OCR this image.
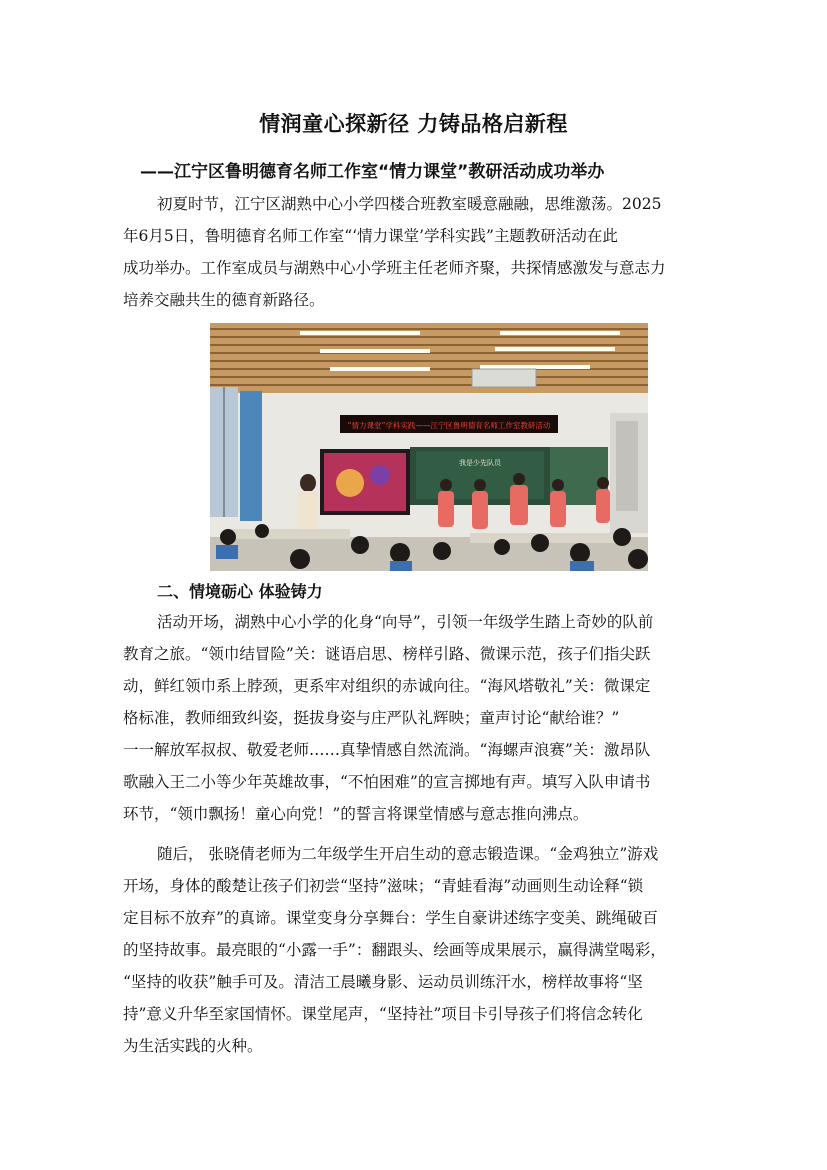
情润童心探新径 力铸品格启新程
——江宁区鲁明德育名师工作室“情力课堂”教研活动成功举办
初夏时节，江宁区湖熟中心小学四楼合班教室暖意融融，思维激荡。2025
年6月5日，鲁明德育名师工作室“‘情力课堂’学科实践”主题教研活动在此
成功举办。工作室成员与湖熟中心小学班主任老师齐聚，共探情感激发与意志力
培养交融共生的德育新路径。
“情力课堂”学科实践——江宁区鲁明德育名师工作室教研活动
我是少先队员
二、情境砺心 体验铸力
活动开场，湖熟中心小学的化身“向导”，引领一年级学生踏上奇妙的队前
教育之旅。“领巾结冒险”关：谜语启思、榜样引路、微课示范，孩子们指尖跃
动，鲜红领巾系上脖颈，更系牢对组织的赤诚向往。“海风塔敬礼”关：微课定
格标准，教师细致纠姿，挺拔身姿与庄严队礼辉映；童声讨论“献给谁？”
一一解放军叔叔、敬爱老师……真挚情感自然流淌。“海螺声浪赛”关：激昂队
歌融入王二小等少年英雄故事，“不怕困难”的宣言掷地有声。填写入队申请书
环节，“领巾飘扬！童心向党！”的誓言将课堂情感与意志推向沸点。
随后， 张晓倩老师为二年级学生开启生动的意志锻造课。“金鸡独立”游戏
开场，身体的酸楚让孩子们初尝“坚持”滋味；“青蛙看海”动画则生动诠释“锁
定目标不放弃”的真谛。课堂变身分享舞台：学生自豪讲述练字变美、跳绳破百
的坚持故事。最亮眼的“小露一手”：翻跟头、绘画等成果展示，赢得满堂喝彩，
“坚持的收获”触手可及。清洁工晨曦身影、运动员训练汗水，榜样故事将“坚
持”意义升华至家国情怀。课堂尾声，“坚持社”项目卡引导孩子们将信念转化
为生活实践的火种。
